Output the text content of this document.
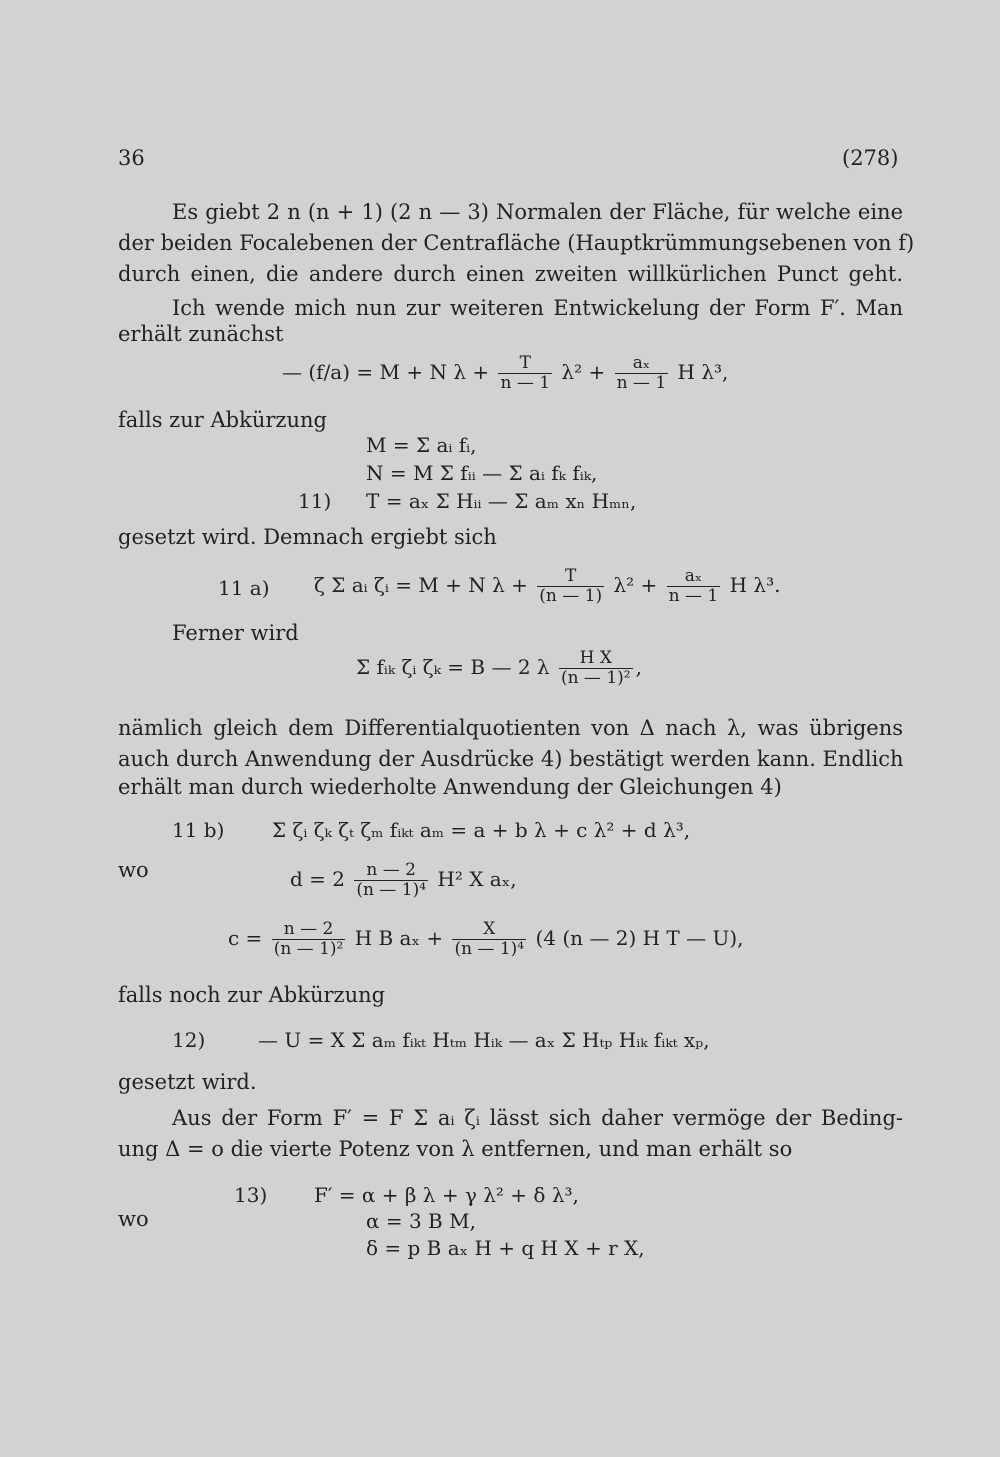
36	(278)
Es giebt 2 n (n + 1) (2 n — 3) Normalen der Fläche, für welche eine
der beiden Focalebenen der Centrafläche (Hauptkrümmungsebenen von f)
durch einen, die andere durch einen zweiten willkürlichen Punct geht.
Ich wende mich nun zur weiteren Entwickelung der Form F′. Man
erhält zunächst
— (f/a) = M + N $\lambda + \frac{T}{n — 1} \lambda^2 + \frac{\text{aₓ}}{n — 1}$ H λ³,
falls zur Abkürzung
M = Σ aᵢ fᵢ,
N = M Σ fᵢᵢ — Σ aᵢ fₖ fᵢₖ,
11) T = aₓ Σ Hᵢᵢ — Σ aₘ xₙ Hₘₙ,
gesetzt wird. Demnach ergiebt sich
11 a) ζ Σ aᵢ ζᵢ = M + N $\lambda + \frac{T}{(n — 1)} \lambda^2 + \frac{\text{aₓ}}{n — 1}$ H λ³.
Ferner wird
Σ fᵢₖ ζᵢ ζₖ = B — 2 λ $\frac{\text{H X}}{\text{(n — 1)²}}$ ,
nämlich gleich dem Differentialquotienten von Δ nach λ, was übrigens
auch durch Anwendung der Ausdrücke 4) bestätigt werden kann. Endlich
erhält man durch wiederholte Anwendung der Gleichungen 4)
11 b) Σ ζᵢ ζₖ ζₜ ζₘ fᵢₖₜ aₘ = a + b λ + c λ² + d λ³,
wo	$d = 2 \frac{n — 2}{\text{(n — 1)⁴}} H^2$ X aₓ,
$c = \frac{n — 2}{\text{(n — 1)²}}$ H B $a_x + \frac{X}{\text{(n — 1)⁴}} (4$ (n — 2) H T — U),
falls noch zur Abkürzung
12)	— U = X Σ aₘ fᵢₖₜ Hₜₘ Hᵢₖ — aₓ Σ Hₜₚ Hᵢₖ fᵢₖₜ xₚ,
gesetzt wird.
Aus der Form F′ = F Σ aᵢ ζᵢ lässt sich daher vermöge der Beding-
ung Δ = o die vierte Potenz von λ entfernen, und man erhält so
13) F′ = α + β λ + γ λ² + δ λ³,
wo	α = 3 B M,
δ = p B aₓ H + q H X + r X,
